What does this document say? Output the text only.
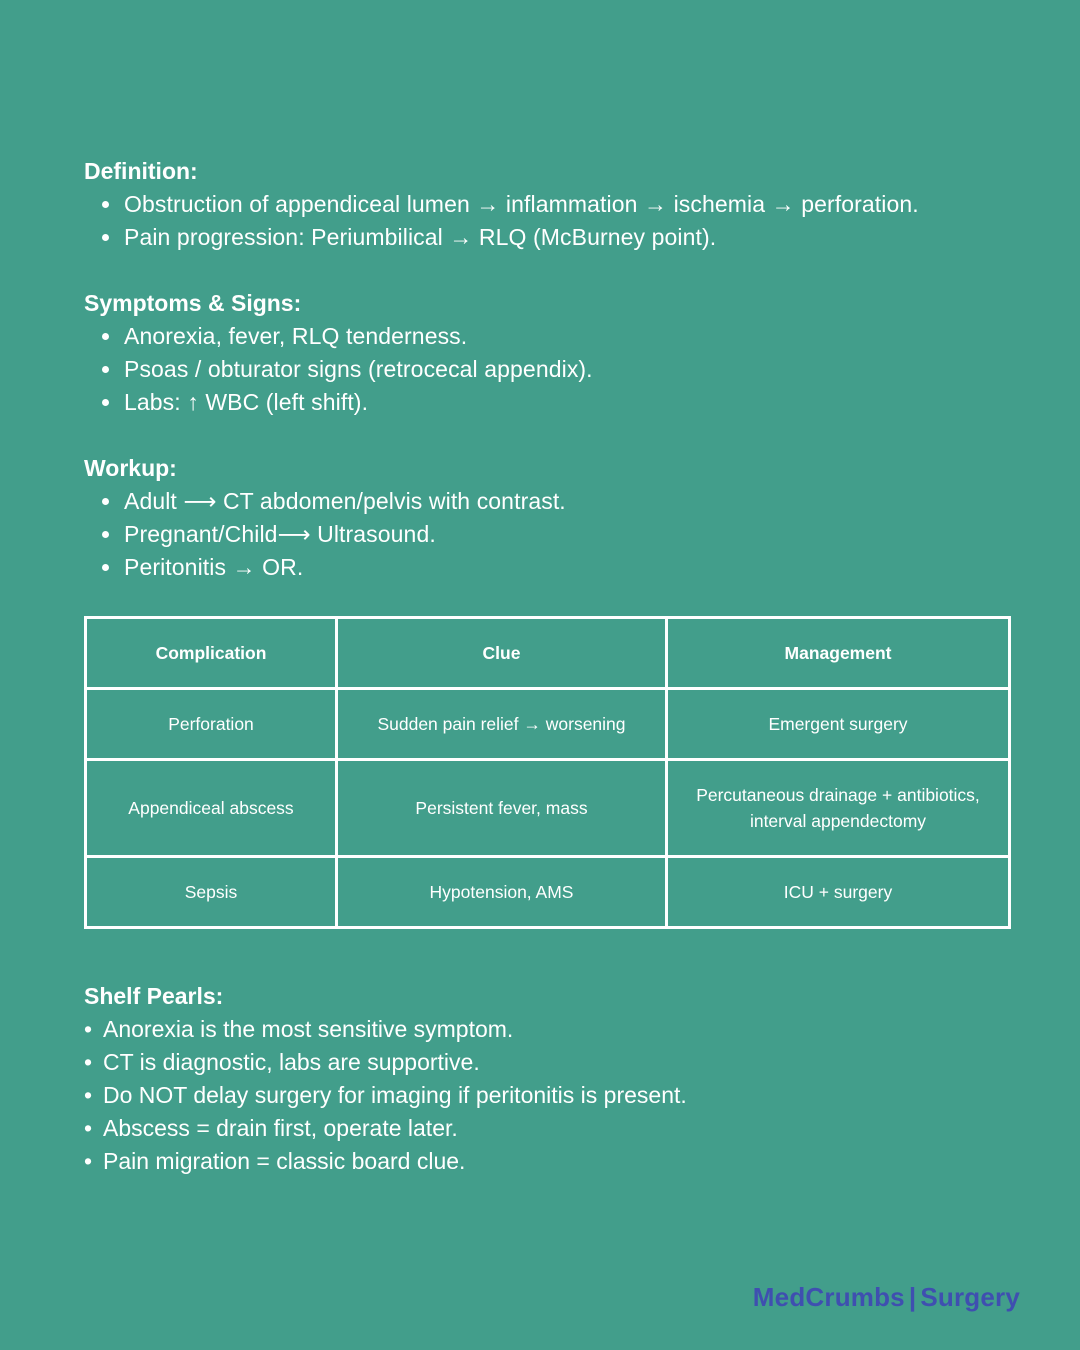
Definition:

Obstruction of appendiceal lumen → inflammation → ischemia → perforation.
Pain progression: Periumbilical → RLQ (McBurney point).

Symptoms & Signs:

Anorexia, fever, RLQ tenderness.
Psoas / obturator signs (retrocecal appendix).
Labs: ↑ WBC (left shift).

Workup:

Adult ⟶ CT abdomen/pelvis with contrast.
Pregnant/Child⟶ Ultrasound.
Peritonitis → OR.
Complication	Clue	Management
Perforation	Sudden pain relief → worsening	Emergent surgery
Appendiceal abscess	Persistent fever, mass	Percutaneous drainage + antibiotics, interval appendectomy
Sepsis	Hypotension, AMS	ICU + surgery

Shelf Pearls:

• Anorexia is the most sensitive symptom.
• CT is diagnostic, labs are supportive.
• Do NOT delay surgery for imaging if peritonitis is present.
• Abscess = drain first, operate later.
• Pain migration = classic board clue.
MedCrumbs | Surgery
